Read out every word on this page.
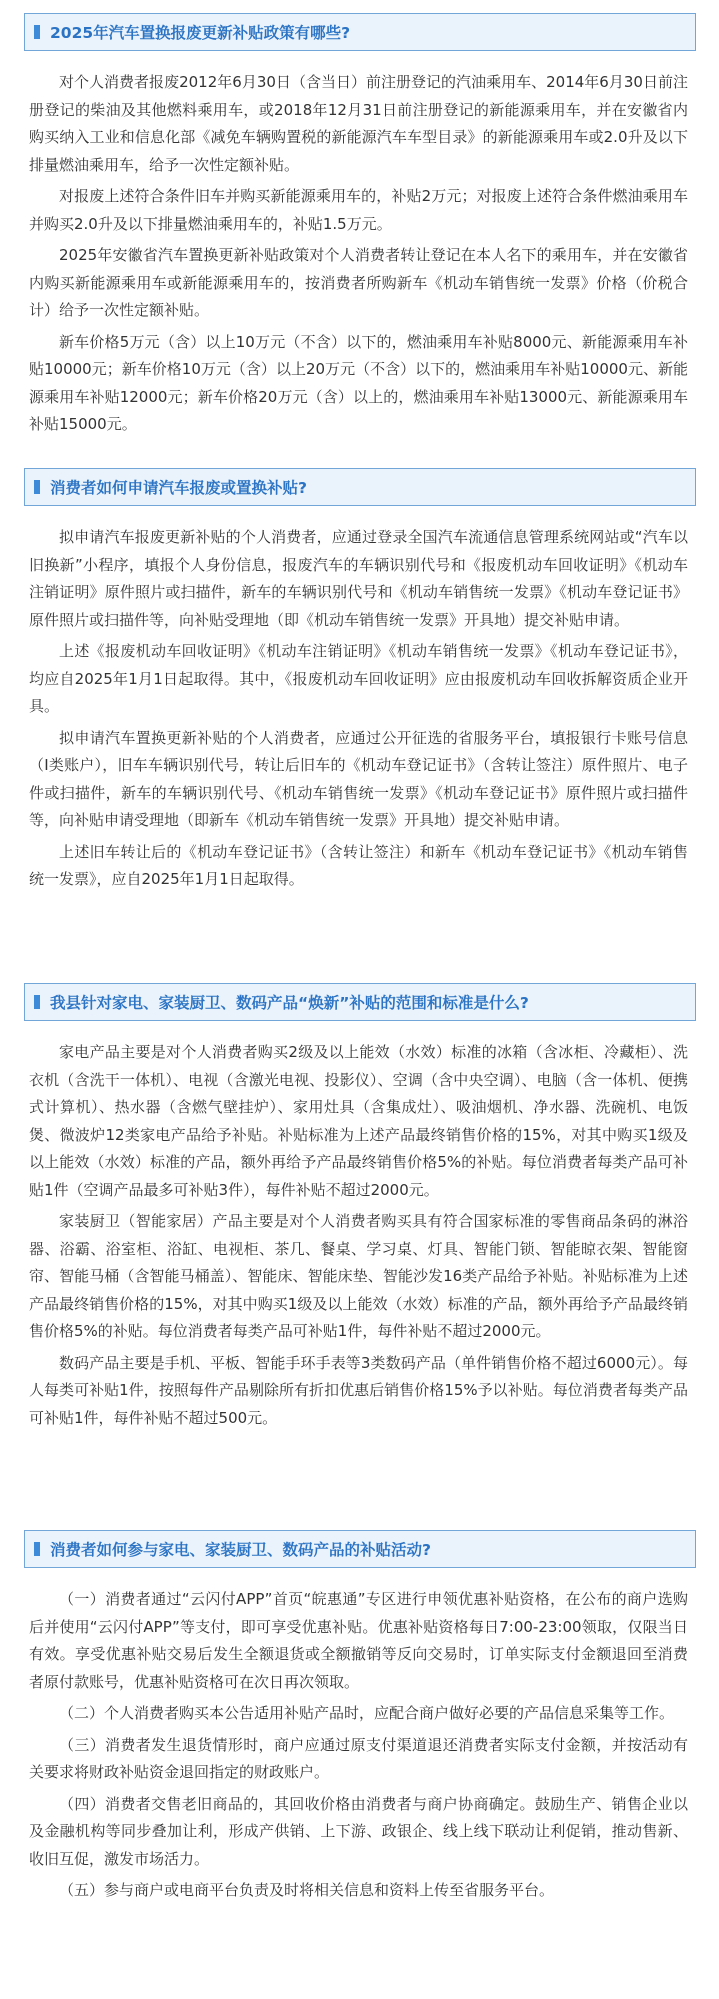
2025年汽车置换报废更新补贴政策有哪些?

对个人消费者报废2012年6月30日（含当日）前注册登记的汽油乘用车、2014年6月30日前注册登记的柴油及其他燃料乘用车，或2018年12月31日前注册登记的新能源乘用车，并在安徽省内购买纳入工业和信息化部《减免车辆购置税的新能源汽车车型目录》的新能源乘用车或2.0升及以下排量燃油乘用车，给予一次性定额补贴。

对报废上述符合条件旧车并购买新能源乘用车的，补贴2万元；对报废上述符合条件燃油乘用车并购买2.0升及以下排量燃油乘用车的，补贴1.5万元。

2025年安徽省汽车置换更新补贴政策对个人消费者转让登记在本人名下的乘用车，并在安徽省内购买新能源乘用车或新能源乘用车的，按消费者所购新车《机动车销售统一发票》价格（价税合计）给予一次性定额补贴。

新车价格5万元（含）以上10万元（不含）以下的，燃油乘用车补贴8000元、新能源乘用车补贴10000元；新车价格10万元（含）以上20万元（不含）以下的，燃油乘用车补贴10000元、新能源乘用车补贴12000元；新车价格20万元（含）以上的，燃油乘用车补贴13000元、新能源乘用车补贴15000元。

消费者如何申请汽车报废或置换补贴?

拟申请汽车报废更新补贴的个人消费者，应通过登录全国汽车流通信息管理系统网站或“汽车以旧换新”小程序，填报个人身份信息，报废汽车的车辆识别代号和《报废机动车回收证明》《机动车注销证明》原件照片或扫描件，新车的车辆识别代号和《机动车销售统一发票》《机动车登记证书》原件照片或扫描件等，向补贴受理地（即《机动车销售统一发票》开具地）提交补贴申请。

上述《报废机动车回收证明》《机动车注销证明》《机动车销售统一发票》《机动车登记证书》，均应自2025年1月1日起取得。其中，《报废机动车回收证明》应由报废机动车回收拆解资质企业开具。

拟申请汽车置换更新补贴的个人消费者，应通过公开征选的省服务平台，填报银行卡账号信息（I类账户），旧车车辆识别代号，转让后旧车的《机动车登记证书》（含转让签注）原件照片、电子件或扫描件，新车的车辆识别代号、《机动车销售统一发票》《机动车登记证书》原件照片或扫描件等，向补贴申请受理地（即新车《机动车销售统一发票》开具地）提交补贴申请。

上述旧车转让后的《机动车登记证书》（含转让签注）和新车《机动车登记证书》《机动车销售统一发票》，应自2025年1月1日起取得。

我县针对家电、家装厨卫、数码产品“焕新”补贴的范围和标准是什么?

家电产品主要是对个人消费者购买2级及以上能效（水效）标准的冰箱（含冰柜、冷藏柜）、洗衣机（含洗干一体机）、电视（含激光电视、投影仪）、空调（含中央空调）、电脑（含一体机、便携式计算机）、热水器（含燃气壁挂炉）、家用灶具（含集成灶）、吸油烟机、净水器、洗碗机、电饭煲、微波炉12类家电产品给予补贴。补贴标准为上述产品最终销售价格的15%，对其中购买1级及以上能效（水效）标准的产品，额外再给予产品最终销售价格5%的补贴。每位消费者每类产品可补贴1件（空调产品最多可补贴3件），每件补贴不超过2000元。

家装厨卫（智能家居）产品主要是对个人消费者购买具有符合国家标准的零售商品条码的淋浴器、浴霸、浴室柜、浴缸、电视柜、茶几、餐桌、学习桌、灯具、智能门锁、智能晾衣架、智能窗帘、智能马桶（含智能马桶盖）、智能床、智能床垫、智能沙发16类产品给予补贴。补贴标准为上述产品最终销售价格的15%，对其中购买1级及以上能效（水效）标准的产品，额外再给予产品最终销售价格5%的补贴。每位消费者每类产品可补贴1件，每件补贴不超过2000元。

数码产品主要是手机、平板、智能手环手表等3类数码产品（单件销售价格不超过6000元）。每人每类可补贴1件，按照每件产品剔除所有折扣优惠后销售价格15%予以补贴。每位消费者每类产品可补贴1件，每件补贴不超过500元。

消费者如何参与家电、家装厨卫、数码产品的补贴活动?

（一）消费者通过“云闪付APP”首页“皖惠通”专区进行申领优惠补贴资格，在公布的商户选购后并使用“云闪付APP”等支付，即可享受优惠补贴。优惠补贴资格每日7:00-23:00领取，仅限当日有效。享受优惠补贴交易后发生全额退货或全额撤销等反向交易时，订单实际支付金额退回至消费者原付款账号，优惠补贴资格可在次日再次领取。

（二）个人消费者购买本公告适用补贴产品时，应配合商户做好必要的产品信息采集等工作。

（三）消费者发生退货情形时，商户应通过原支付渠道退还消费者实际支付金额，并按活动有关要求将财政补贴资金退回指定的财政账户。

（四）消费者交售老旧商品的，其回收价格由消费者与商户协商确定。鼓励生产、销售企业以及金融机构等同步叠加让利，形成产供销、上下游、政银企、线上线下联动让利促销，推动售新、收旧互促，激发市场活力。

（五）参与商户或电商平台负责及时将相关信息和资料上传至省服务平台。
